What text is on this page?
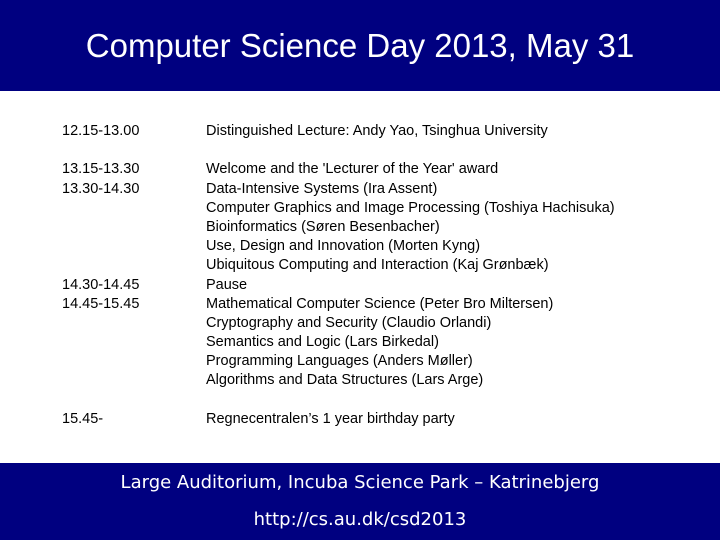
Computer Science Day 2013, May 31
12.15-13.00	Distinguished Lecture: Andy Yao, Tsinghua University
13.15-13.30	Welcome and the 'Lecturer of the Year' award
13.30-14.30	Data-Intensive Systems (Ira Assent)
Computer Graphics and Image Processing (Toshiya Hachisuka)
Bioinformatics (Søren Besenbacher)
Use, Design and Innovation (Morten Kyng)
Ubiquitous Computing and Interaction (Kaj Grønbæk)
14.30-14.45	Pause
14.45-15.45	Mathematical Computer Science (Peter Bro Miltersen)
Cryptography and Security (Claudio Orlandi)
Semantics and Logic (Lars Birkedal)
Programming Languages (Anders Møller)
Algorithms and Data Structures (Lars Arge)
15.45-	Regnecentralen’s 1 year birthday party
Large Auditorium, Incuba Science Park – Katrinebjerg
http://cs.au.dk/csd2013
